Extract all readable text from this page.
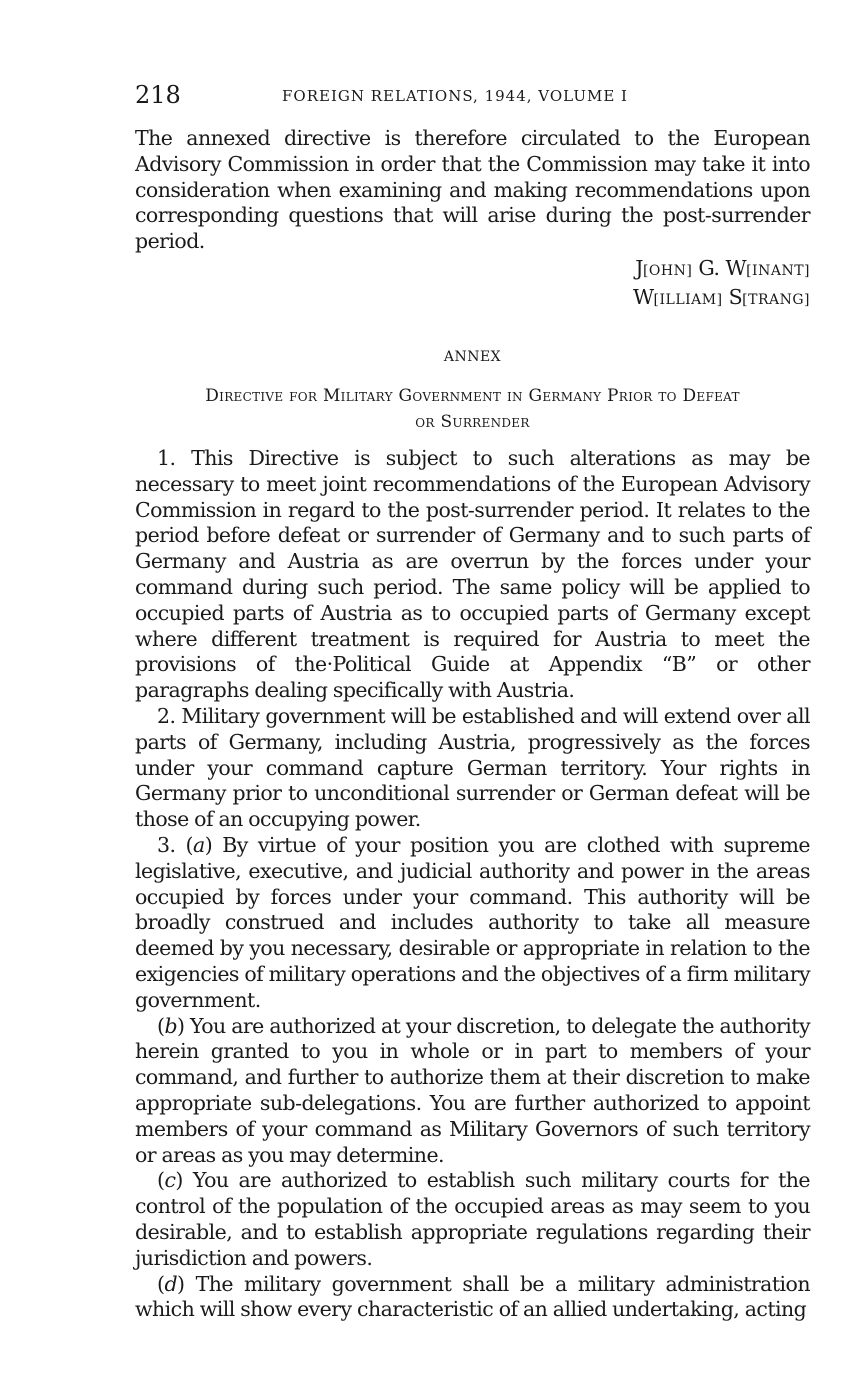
218	FOREIGN RELATIONS, 1944, VOLUME I

The annexed directive is therefore circulated to the European Advisory Commission in order that the Commission may take it into consideration when examining and making recommendations upon corresponding questions that will arise during the post-surrender period.

J[OHN] G. W[INANT]
W[ILLIAM] S[TRANG]
ANNEX
Directive for Military Government in Germany Prior to Defeat
or Surrender

1. This Directive is subject to such alterations as may be necessary to meet joint recommendations of the European Advisory Commission in regard to the post-surrender period. It relates to the period before defeat or surrender of Germany and to such parts of Germany and Austria as are overrun by the forces under your command during such period. The same policy will be applied to occupied parts of Austria as to occupied parts of Germany except where different treatment is required for Austria to meet the provisions of the·Political Guide at Appendix “B” or other paragraphs dealing specifically with Austria.

2. Military government will be established and will extend over all parts of Germany, including Austria, progressively as the forces under your command capture German territory. Your rights in Germany prior to unconditional surrender or German defeat will be those of an occupying power.

3. (a) By virtue of your position you are clothed with supreme legislative, executive, and judicial authority and power in the areas occupied by forces under your command. This authority will be broadly construed and includes authority to take all measure deemed by you necessary, desirable or appropriate in relation to the exigencies of military operations and the objectives of a firm military government.

(b) You are authorized at your discretion, to delegate the authority herein granted to you in whole or in part to members of your command, and further to authorize them at their discretion to make appropriate sub-delegations. You are further authorized to appoint members of your command as Military Governors of such territory or areas as you may determine.

(c) You are authorized to establish such military courts for the control of the population of the occupied areas as may seem to you desirable, and to establish appropriate regulations regarding their jurisdiction and powers.

(d) The military government shall be a military administration which will show every characteristic of an allied undertaking, acting
